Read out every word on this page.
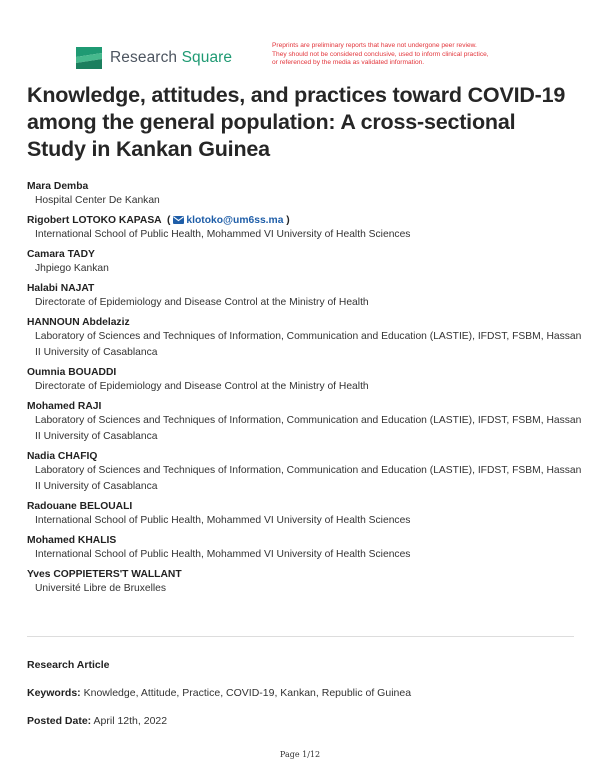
Research Square
Preprints are preliminary reports that have not undergone peer review.
They should not be considered conclusive, used to inform clinical practice,
or referenced by the media as validated information.
Knowledge, attitudes, and practices toward COVID-19 among the general population: A cross-sectional Study in Kankan Guinea
Mara Demba
Hospital Center De Kankan
Rigobert LOTOKO KAPASA  ( klotoko@um6ss.ma )
International School of Public Health, Mohammed VI University of Health Sciences
Camara TADY
Jhpiego Kankan
Halabi NAJAT
Directorate of Epidemiology and Disease Control at the Ministry of Health
HANNOUN Abdelaziz
Laboratory of Sciences and Techniques of Information, Communication and Education (LASTIE), IFDST, FSBM, Hassan II University of Casablanca
Oumnia BOUADDI
Directorate of Epidemiology and Disease Control at the Ministry of Health
Mohamed RAJI
Laboratory of Sciences and Techniques of Information, Communication and Education (LASTIE), IFDST, FSBM, Hassan II University of Casablanca
Nadia CHAFIQ
Laboratory of Sciences and Techniques of Information, Communication and Education (LASTIE), IFDST, FSBM, Hassan II University of Casablanca
Radouane BELOUALI
International School of Public Health, Mohammed VI University of Health Sciences
Mohamed KHALIS
International School of Public Health, Mohammed VI University of Health Sciences
Yves COPPIETERS'T WALLANT
Université Libre de Bruxelles
Research Article
Keywords: Knowledge, Attitude, Practice, COVID-19, Kankan, Republic of Guinea
Posted Date: April 12th, 2022
Page 1/12
